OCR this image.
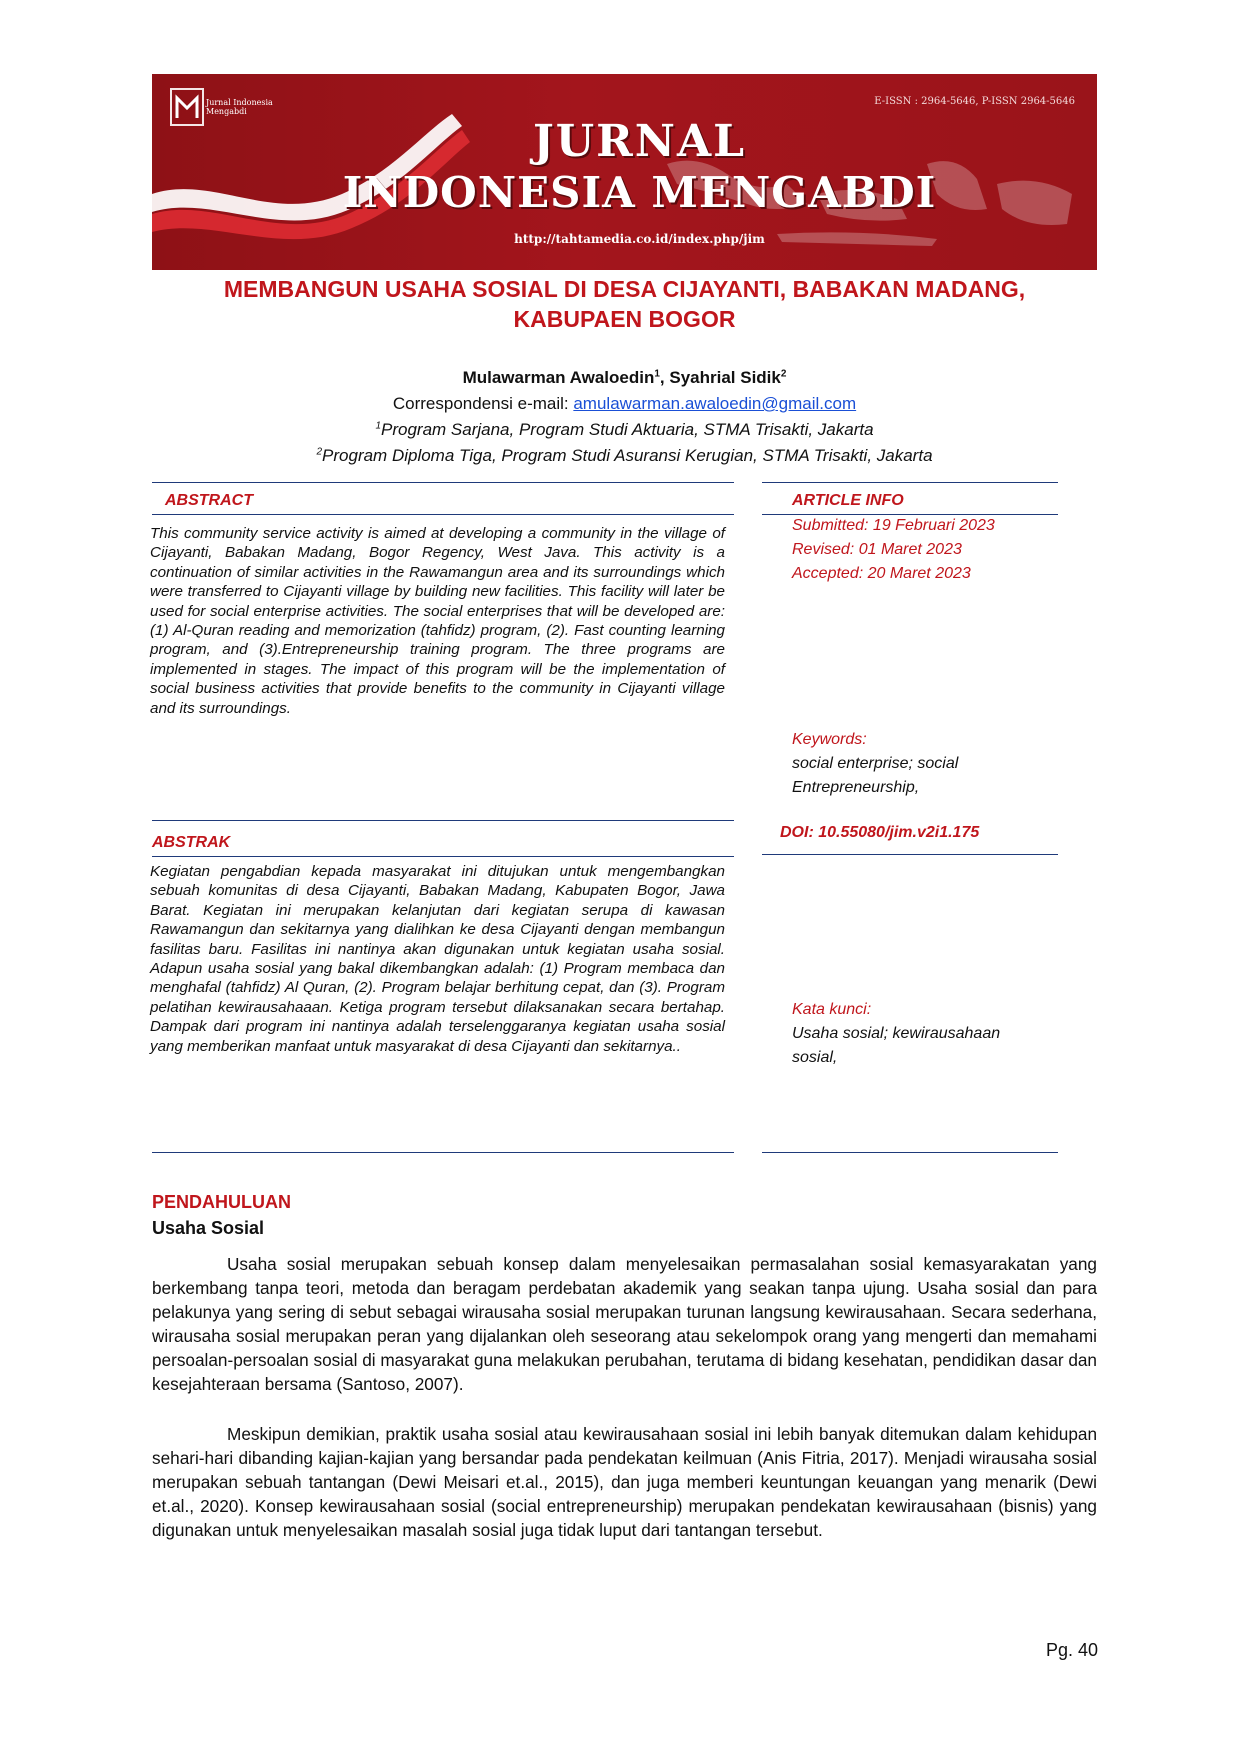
Jurnal Indonesia
Mengabdi
E-ISSN : 2964-5646, P-ISSN 2964-5646
JURNAL
INDONESIA MENGABDI
http://tahtamedia.co.id/index.php/jim
MEMBANGUN USAHA SOSIAL DI DESA CIJAYANTI, BABAKAN MADANG,
KABUPAEN BOGOR
Mulawarman Awaloedin$^1$, Syahrial Sidik$^2$
Correspondensi e-mail: amulawarman.awaloedin@gmail.com
$^1$Program Sarjana, Program Studi Aktuaria, STMA Trisakti, Jakarta
$^2$Program Diploma Tiga, Program Studi Asuransi Kerugian, STMA Trisakti, Jakarta
ABSTRACT	ARTICLE INFO
This community service activity is aimed at developing a community in the village of Cijayanti, Babakan Madang, Bogor Regency, West Java. This activity is a continuation of similar activities in the Rawamangun area and its surroundings which were transferred to Cijayanti village by building new facilities. This facility will later be used for social enterprise activities. The social enterprises that will be developed are: (1) Al-Quran reading and memorization (tahfidz) program, (2). Fast counting learning program, and (3).Entrepreneurship training program. The three programs are implemented in stages. The impact of this program will be the implementation of social business activities that provide benefits to the community in Cijayanti village and its surroundings.
Submitted: 19 Februari 2023
Revised: 01 Maret 2023
Accepted: 20 Maret 2023
Keywords:
social enterprise; social
Entrepreneurship,
ABSTRAK
DOI: 10.55080/jim.v2i1.175
Kegiatan pengabdian kepada masyarakat ini ditujukan untuk mengembangkan sebuah komunitas di desa Cijayanti, Babakan Madang, Kabupaten Bogor, Jawa Barat. Kegiatan ini merupakan kelanjutan dari kegiatan serupa di kawasan Rawamangun dan sekitarnya yang dialihkan ke desa Cijayanti dengan membangun fasilitas baru. Fasilitas ini nantinya akan digunakan untuk kegiatan usaha sosial. Adapun usaha sosial yang bakal dikembangkan adalah: (1) Program membaca dan menghafal (tahfidz) Al Quran, (2). Program belajar berhitung cepat, dan (3). Program pelatihan kewirausahaaan. Ketiga program tersebut dilaksanakan secara bertahap. Dampak dari program ini nantinya adalah terselenggaranya kegiatan usaha sosial yang memberikan manfaat untuk masyarakat di desa Cijayanti dan sekitarnya..
Kata kunci:
Usaha sosial; kewirausahaan
sosial,
PENDAHULUAN
Usaha Sosial
Usaha sosial merupakan sebuah konsep dalam menyelesaikan permasalahan sosial kemasyarakatan yang berkembang tanpa teori, metoda dan beragam perdebatan akademik yang seakan tanpa ujung. Usaha sosial dan para pelakunya yang sering di sebut sebagai wirausaha sosial merupakan turunan langsung kewirausahaan. Secara sederhana, wirausaha sosial merupakan peran yang dijalankan oleh seseorang atau sekelompok orang yang mengerti dan memahami persoalan-persoalan sosial di masyarakat guna melakukan perubahan, terutama di bidang kesehatan, pendidikan dasar dan kesejahteraan bersama (Santoso, 2007).
Meskipun demikian, praktik usaha sosial atau kewirausahaan sosial ini lebih banyak ditemukan dalam kehidupan sehari-hari dibanding kajian-kajian yang bersandar pada pendekatan keilmuan (Anis Fitria, 2017). Menjadi wirausaha sosial merupakan sebuah tantangan (Dewi Meisari et.al., 2015), dan juga memberi keuntungan keuangan yang menarik (Dewi et.al., 2020). Konsep kewirausahaan sosial (social entrepreneurship) merupakan pendekatan kewirausahaan (bisnis) yang digunakan untuk menyelesaikan masalah sosial juga tidak luput dari tantangan tersebut.
Pg. 40
